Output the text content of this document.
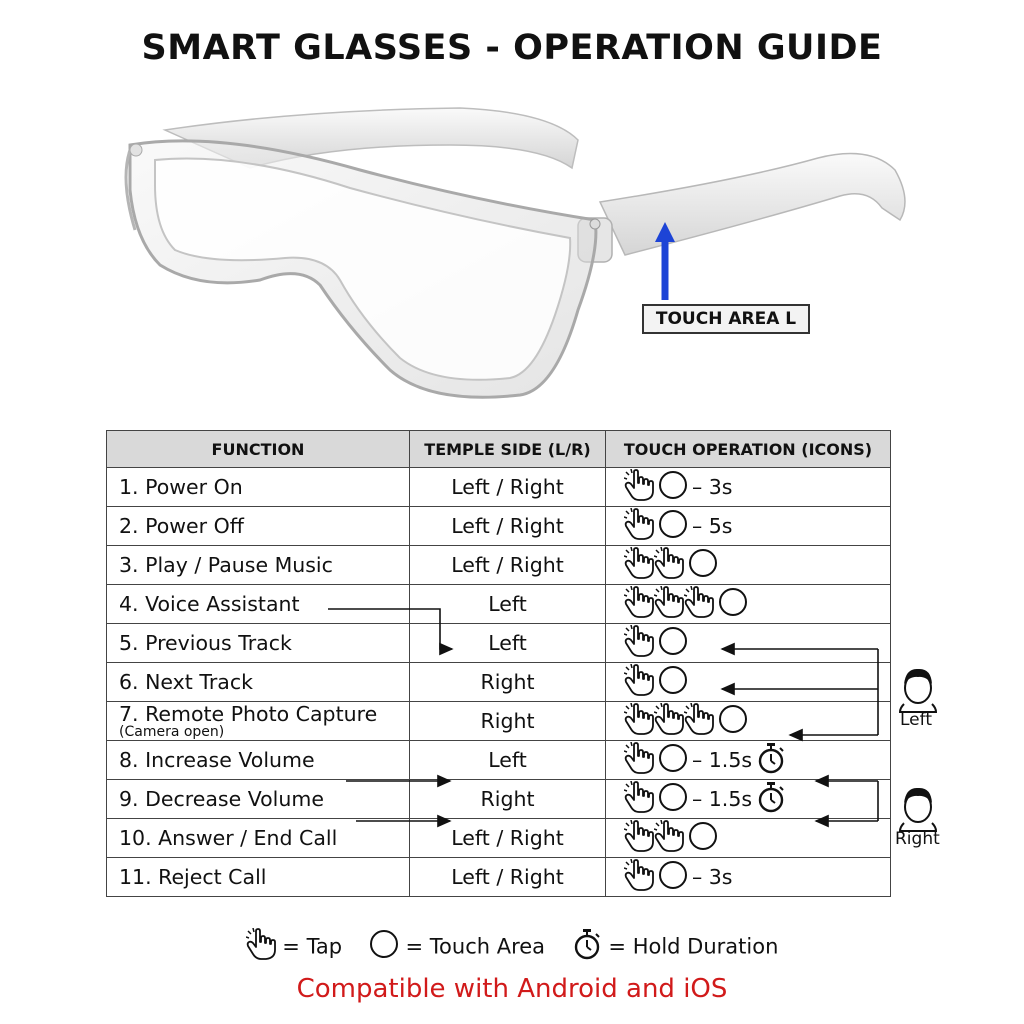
SMART GLASSES - OPERATION GUIDE
TOUCH AREA L
FUNCTION	TEMPLE SIDE (L/R)	TOUCH OPERATION (ICONS)

1. Power On	Left / Right	– 3s

2. Power Off	Left / Right	– 5s

3. Play / Pause Music	Left / Right	

4. Voice Assistant	Left	

5. Previous Track	Left	

6. Next Track	Right	

7. Remote Photo Capture
(Camera open)	Right	

8. Increase Volume	Left	– 1.5s

9. Decrease Volume	Right	– 1.5s

10. Answer / End Call	Left / Right	

11. Reject Call	Left / Right	– 3s
Left
Right
= Tap	= Touch Area	= Hold Duration
Compatible with Android and iOS
